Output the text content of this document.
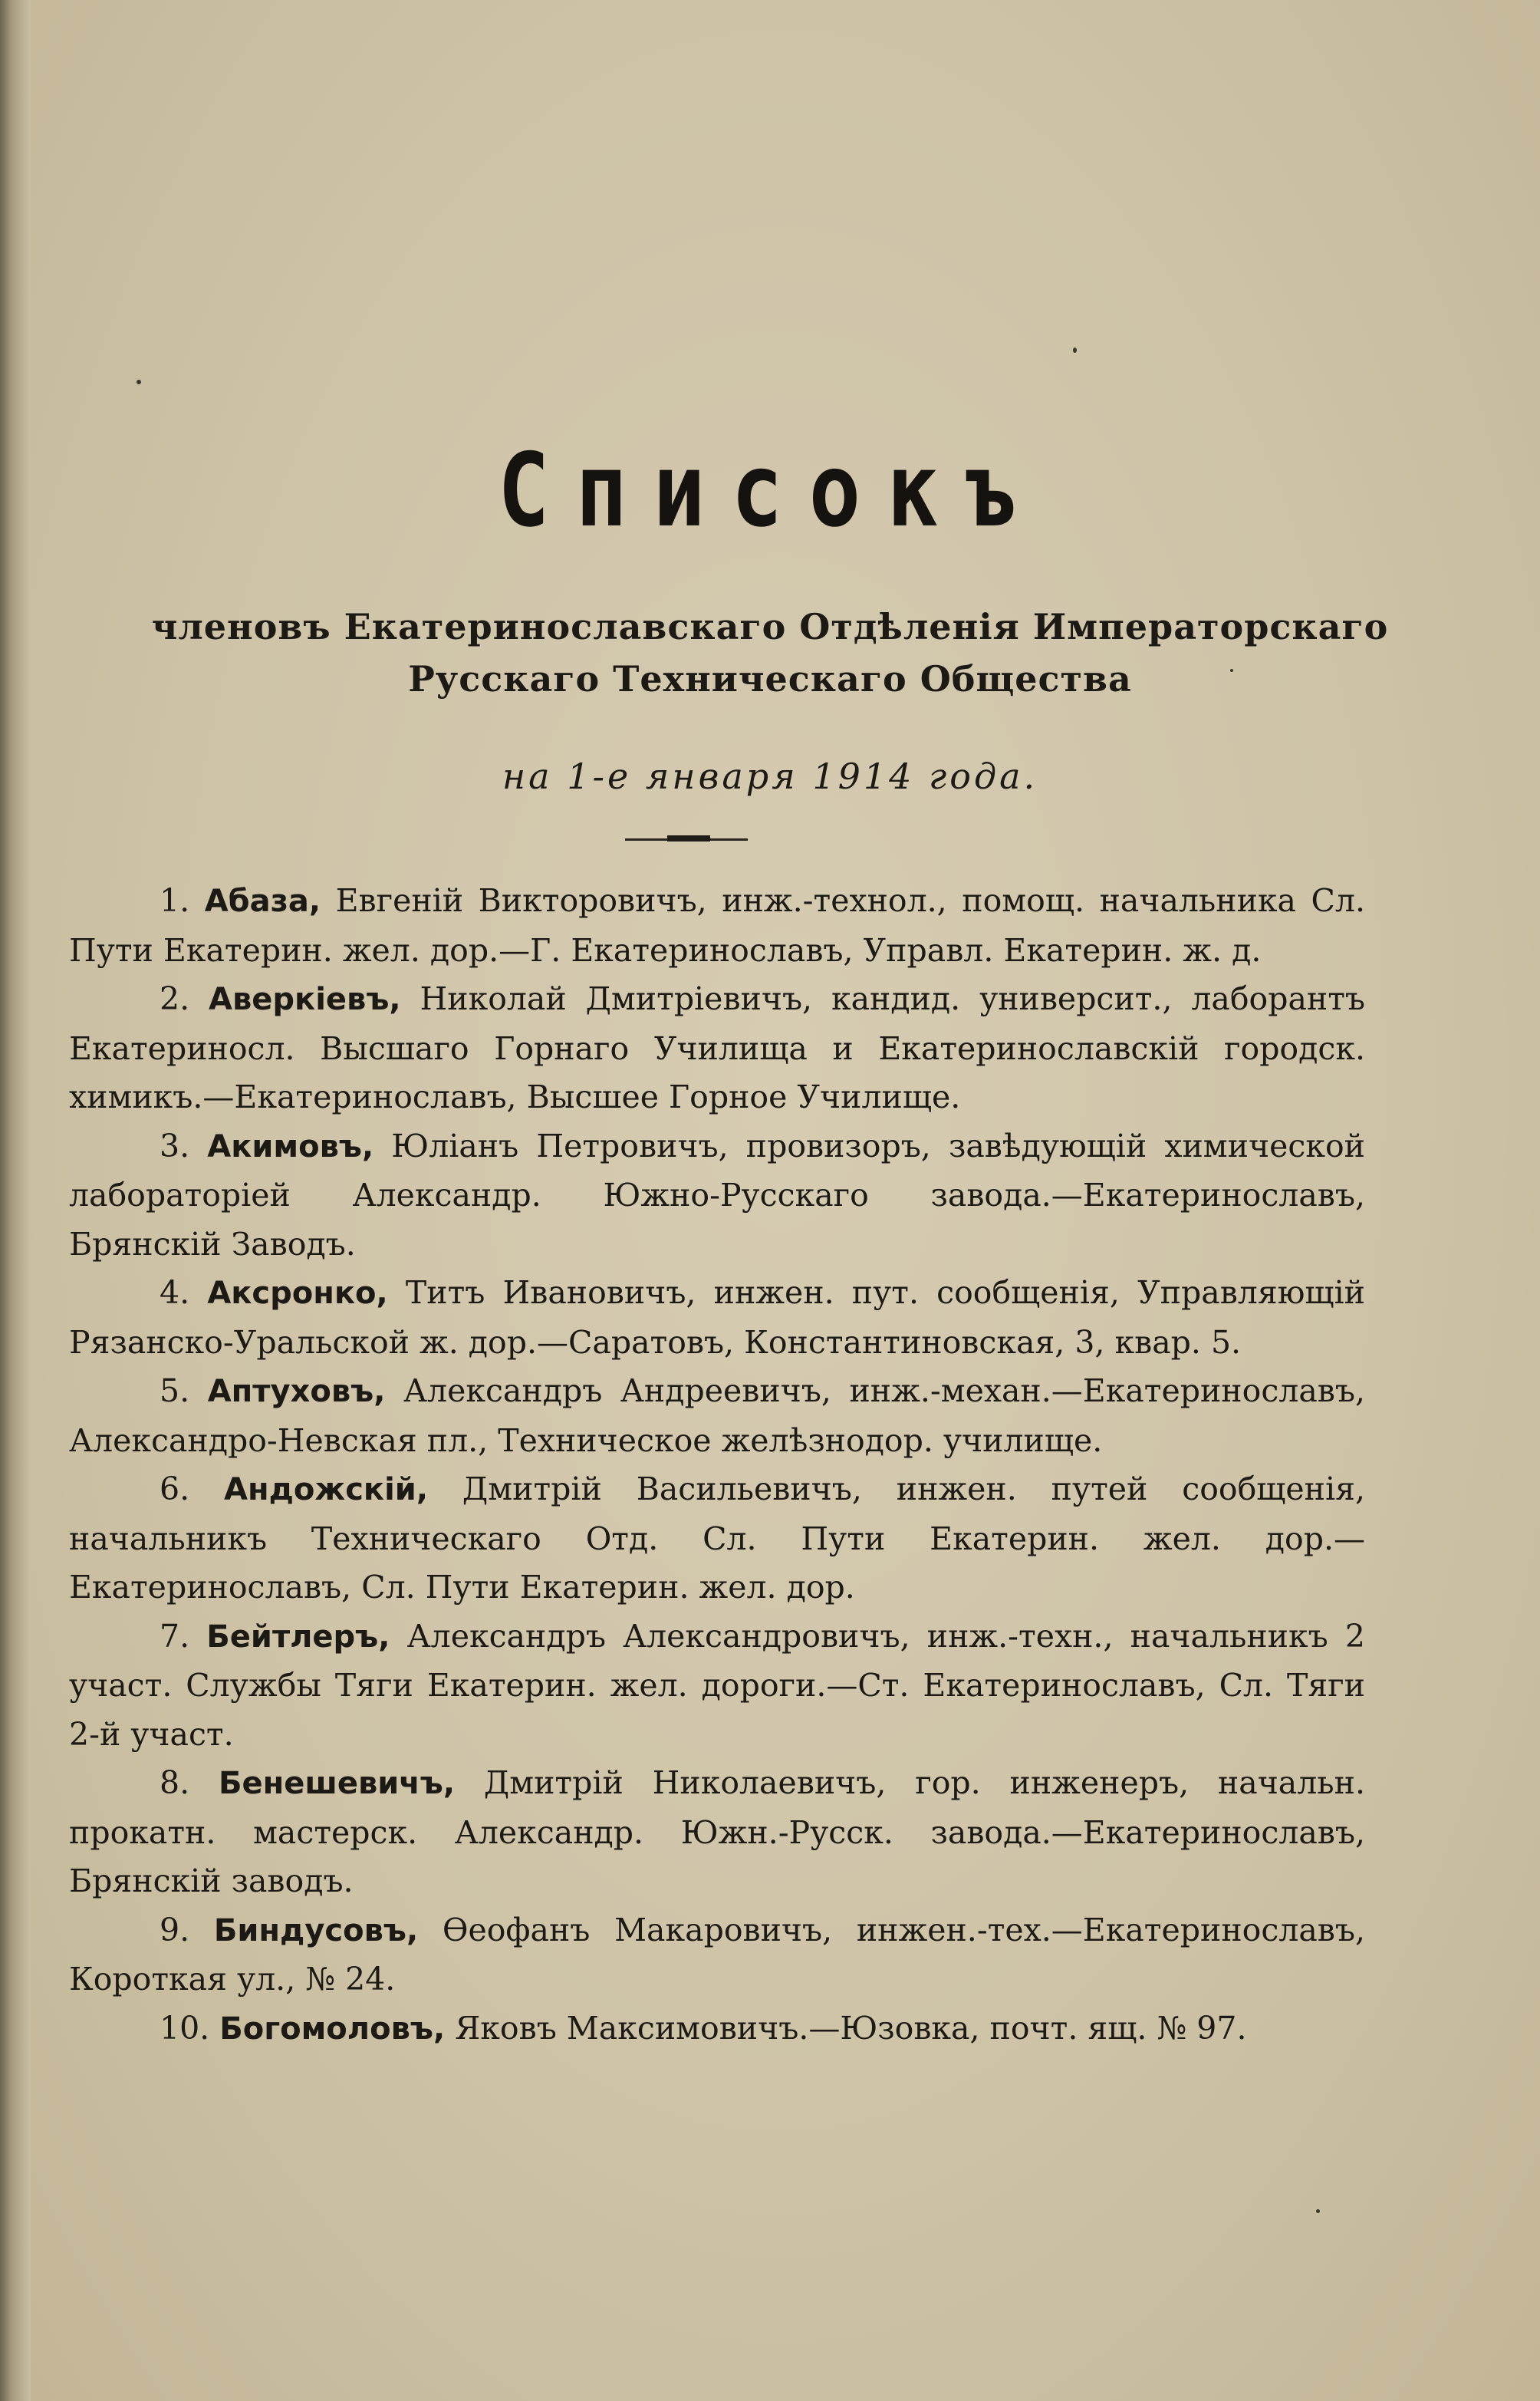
Списокъ
членовъ Екатеринославскаго Отдѣленія Императорскаго
Русскаго Техническаго Общества
на 1-е января 1914 года.

1. Абаза, Евгеній Викторовичъ, инж.-технол., помощ. начальника Сл. Пути Екатерин. жел. дор.—Г. Екатеринославъ, Управл. Екатерин. ж. д.

2. Аверкіевъ, Николай Дмитріевичъ, кандид. университ., лаборантъ Екатериносл. Высшаго Горнаго Училища и Екатеринославскій городск. химикъ.—Екатеринославъ, Высшее Горное Училище.

3. Акимовъ, Юліанъ Петровичъ, провизоръ, завѣдующій химической лабораторіей Александр. Южно-Русскаго завода.—Екатеринославъ, Брянскій Заводъ.

4. Аксронко, Титъ Ивановичъ, инжен. пут. сообщенія, Управляющій Рязанско-Уральской ж. дор.—Саратовъ, Константиновская, 3, квар. 5.

5. Аптуховъ, Александръ Андреевичъ, инж.-механ.—Екатеринославъ, Александро-Невская пл., Техническое желѣзнодор. училище.

6. Андожскій, Дмитрій Васильевичъ, инжен. путей сообщенія, начальникъ Техническаго Отд. Сл. Пути Екатерин. жел. дор.—Екатеринославъ, Сл. Пути Екатерин. жел. дор.

7. Бейтлеръ, Александръ Александровичъ, инж.-техн., начальникъ 2 участ. Службы Тяги Екатерин. жел. дороги.—Ст. Екатеринославъ, Сл. Тяги 2-й участ.

8. Бенешевичъ, Дмитрій Николаевичъ, гор. инженеръ, начальн. прокатн. мастерск. Александр. Южн.-Русск. завода.—Екатеринославъ, Брянскій заводъ.

9. Биндусовъ, Ѳеофанъ Макаровичъ, инжен.-тех.—Екатеринославъ, Короткая ул., № 24.

10. Богомоловъ, Яковъ Максимовичъ.—Юзовка, почт. ящ. № 97.
